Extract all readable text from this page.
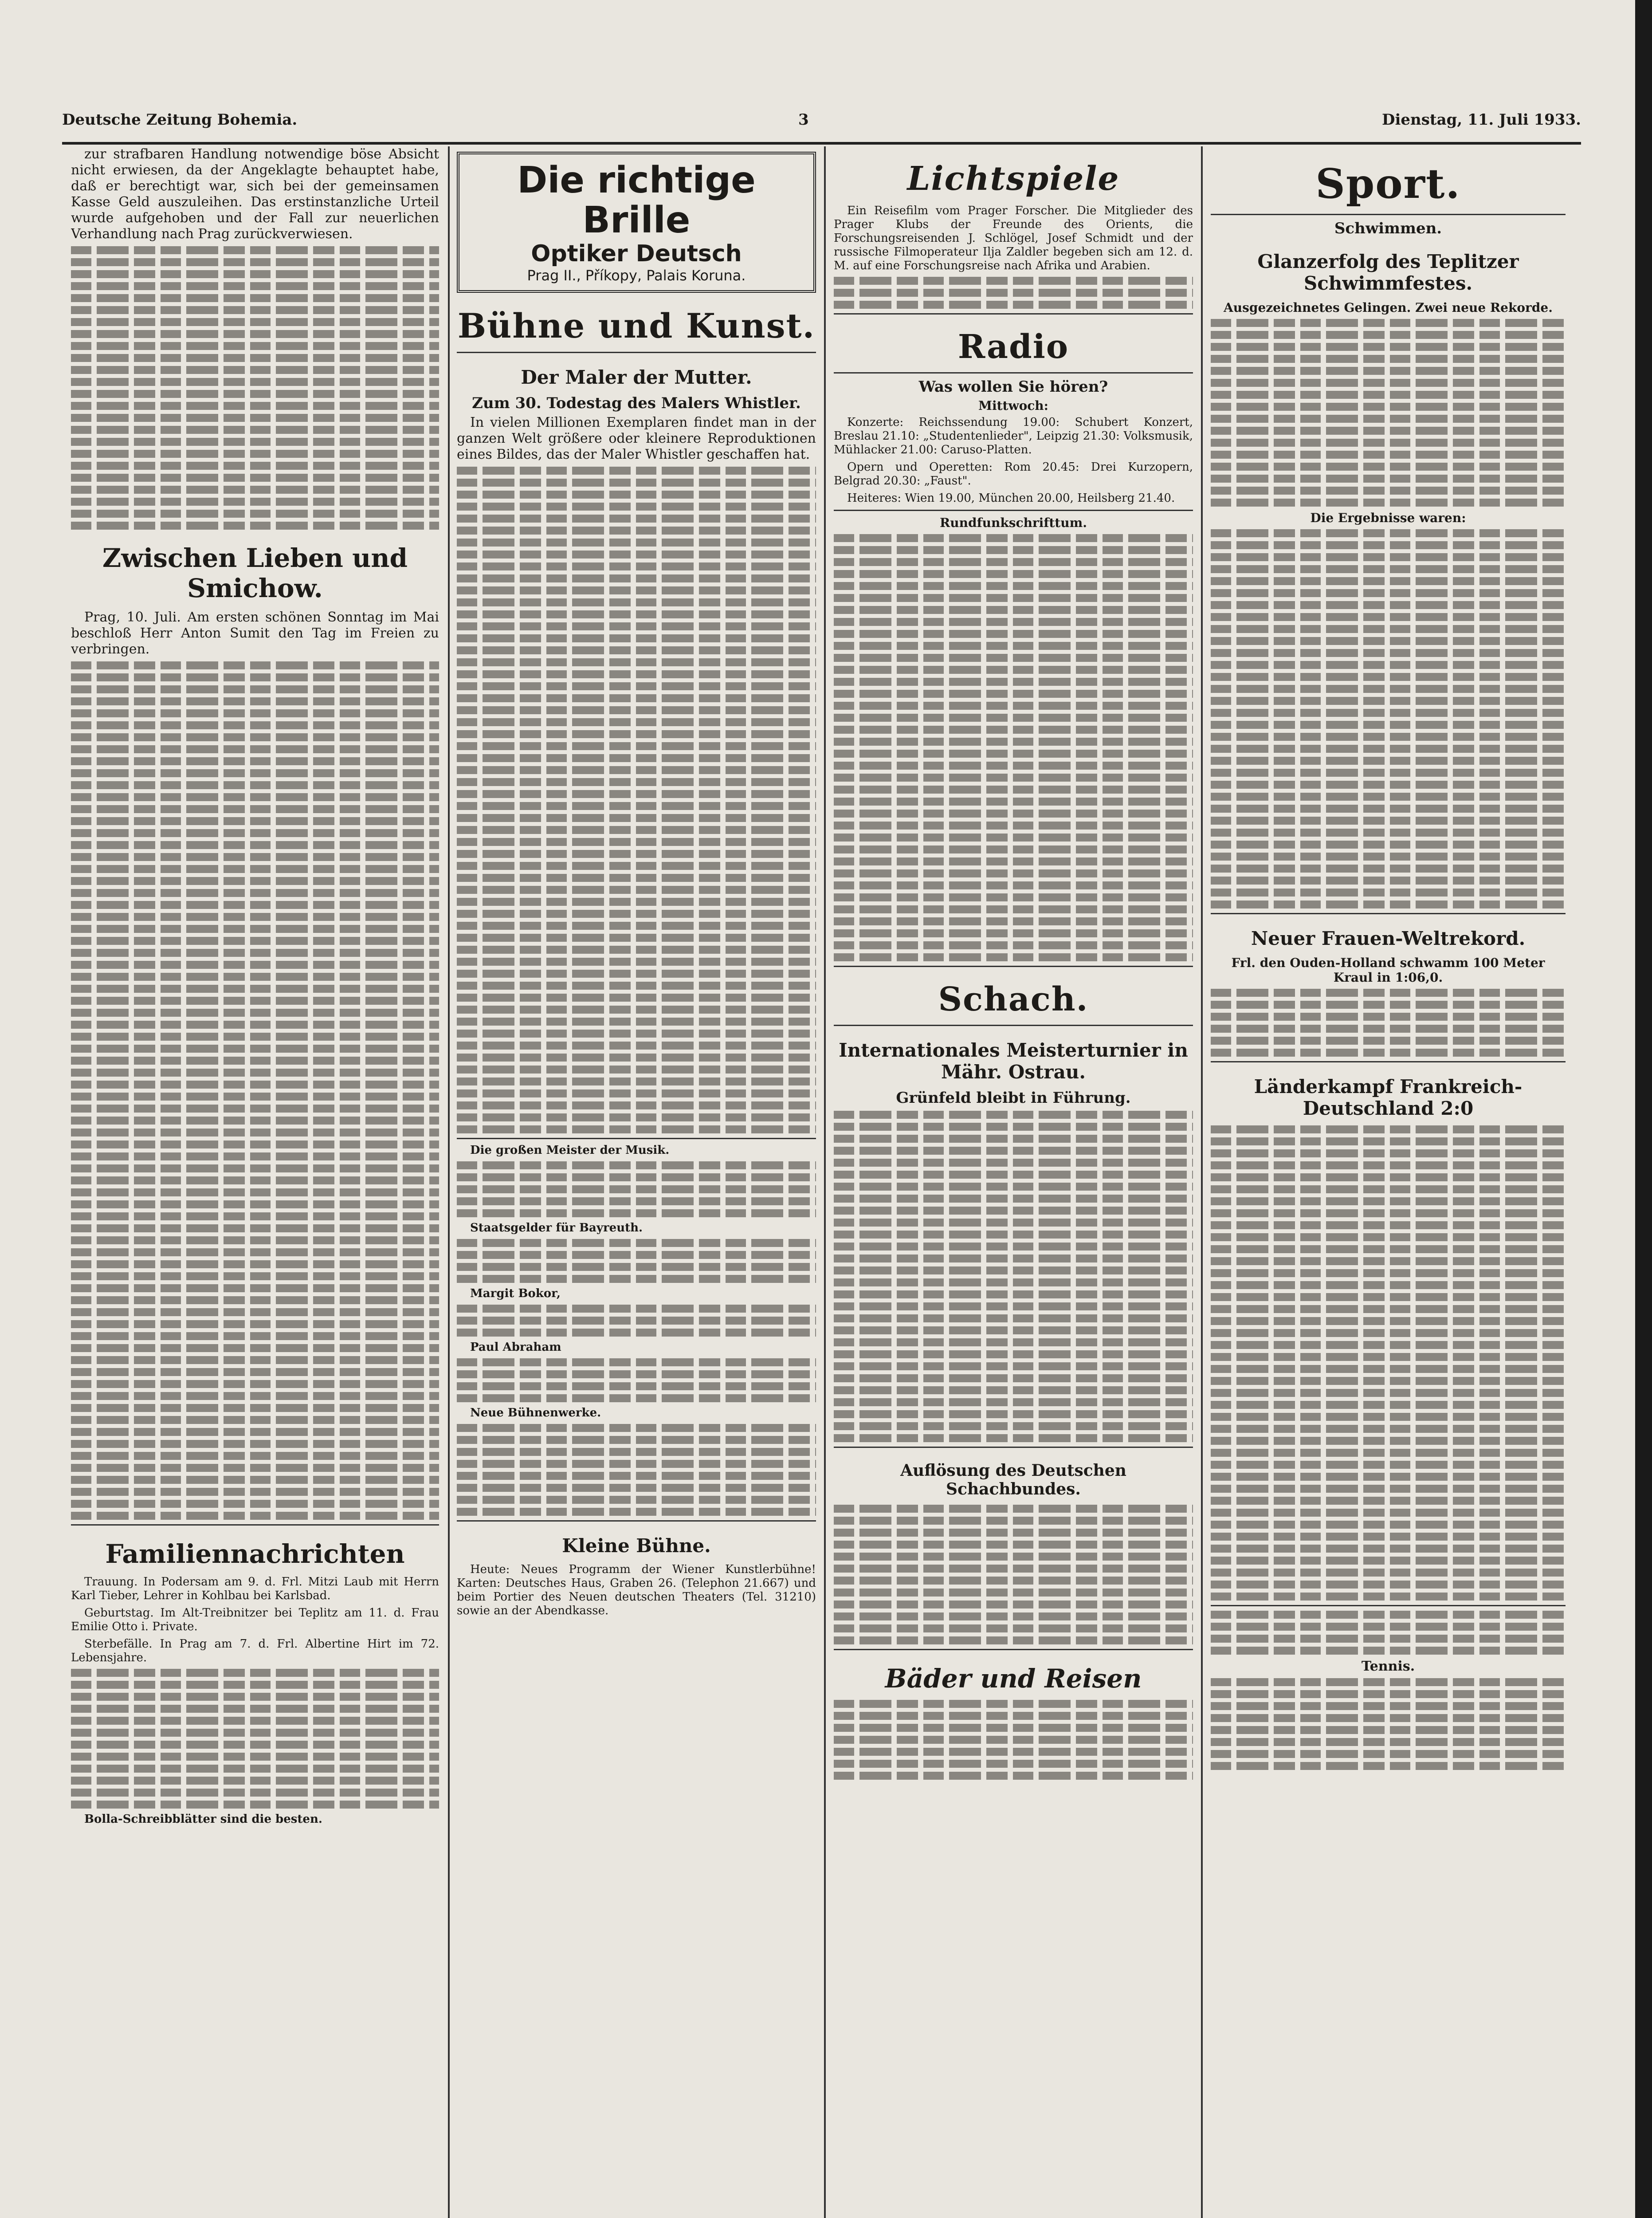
Deutsche Zeitung Bohemia.	3	Dienstag, 11. Juli 1933.
zur strafbaren Handlung notwendige böse Absicht nicht erwiesen, da der Angeklagte behauptet habe, daß er berechtigt war, sich bei der gemeinsamen Kasse Geld auszuleihen. Das erstinstanzliche Urteil wurde aufgehoben und der Fall zur neuerlichen Verhandlung nach Prag zurückverwiesen.
Zwischen Lieben und Smichow.
Prag, 10. Juli. Am ersten schönen Sonntag im Mai beschloß Herr Anton Sumit den Tag im Freien zu verbringen.
Familiennachrichten
Trauung. In Podersam am 9. d. Frl. Mitzi Laub mit Herrn Karl Tieber, Lehrer in Kohlbau bei Karlsbad.
Geburtstag. Im Alt-Treibnitzer bei Teplitz am 11. d. Frau Emilie Otto i. Private.
Sterbefälle. In Prag am 7. d. Frl. Albertine Hirt im 72. Lebensjahre.
Bolla-Schreibblätter sind die besten.
Die richtige Brille
Optiker Deutsch
Prag II., Příkopy, Palais Koruna.
Bühne und Kunst.
Der Maler der Mutter.
Zum 30. Todestag des Malers Whistler.
In vielen Millionen Exemplaren findet man in der ganzen Welt größere oder kleinere Reproduktionen eines Bildes, das der Maler Whistler geschaffen hat.
Die großen Meister der Musik.
Staatsgelder für Bayreuth.
Margit Bokor,
Paul Abraham
Neue Bühnenwerke.
Kleine Bühne.
Heute: Neues Programm der Wiener Kunstlerbühne! Karten: Deutsches Haus, Graben 26. (Telephon 21.667) und beim Portier des Neuen deutschen Theaters (Tel. 31210) sowie an der Abendkasse.
Lichtspiele
Ein Reisefilm vom Prager Forscher. Die Mitglieder des Prager Klubs der Freunde des Orients, die Forschungsreisenden J. Schlögel, Josef Schmidt und der russische Filmoperateur Ilja Zaldler begeben sich am 12. d. M. auf eine Forschungsreise nach Afrika und Arabien.
Radio
Was wollen Sie hören?
Mittwoch:
Konzerte: Reichssendung 19.00: Schubert Konzert, Breslau 21.10: „Studentenlieder", Leipzig 21.30: Volksmusik, Mühlacker 21.00: Caruso-Platten.
Opern und Operetten: Rom 20.45: Drei Kurzopern, Belgrad 20.30: „Faust".
Heiteres: Wien 19.00, München 20.00, Heilsberg 21.40.
Rundfunkschrifttum.
Schach.
Internationales Meisterturnier in Mähr. Ostrau.
Grünfeld bleibt in Führung.
Auflösung des Deutschen Schachbundes.
Bäder und Reisen
Sport.
Schwimmen.
Glanzerfolg des Teplitzer Schwimmfestes.
Ausgezeichnetes Gelingen. Zwei neue Rekorde.
Die Ergebnisse waren:
Neuer Frauen-Weltrekord.
Frl. den Ouden-Holland schwamm 100 Meter Kraul in 1:06,0.
Länderkampf Frankreich-Deutschland 2:0
Tennis.
